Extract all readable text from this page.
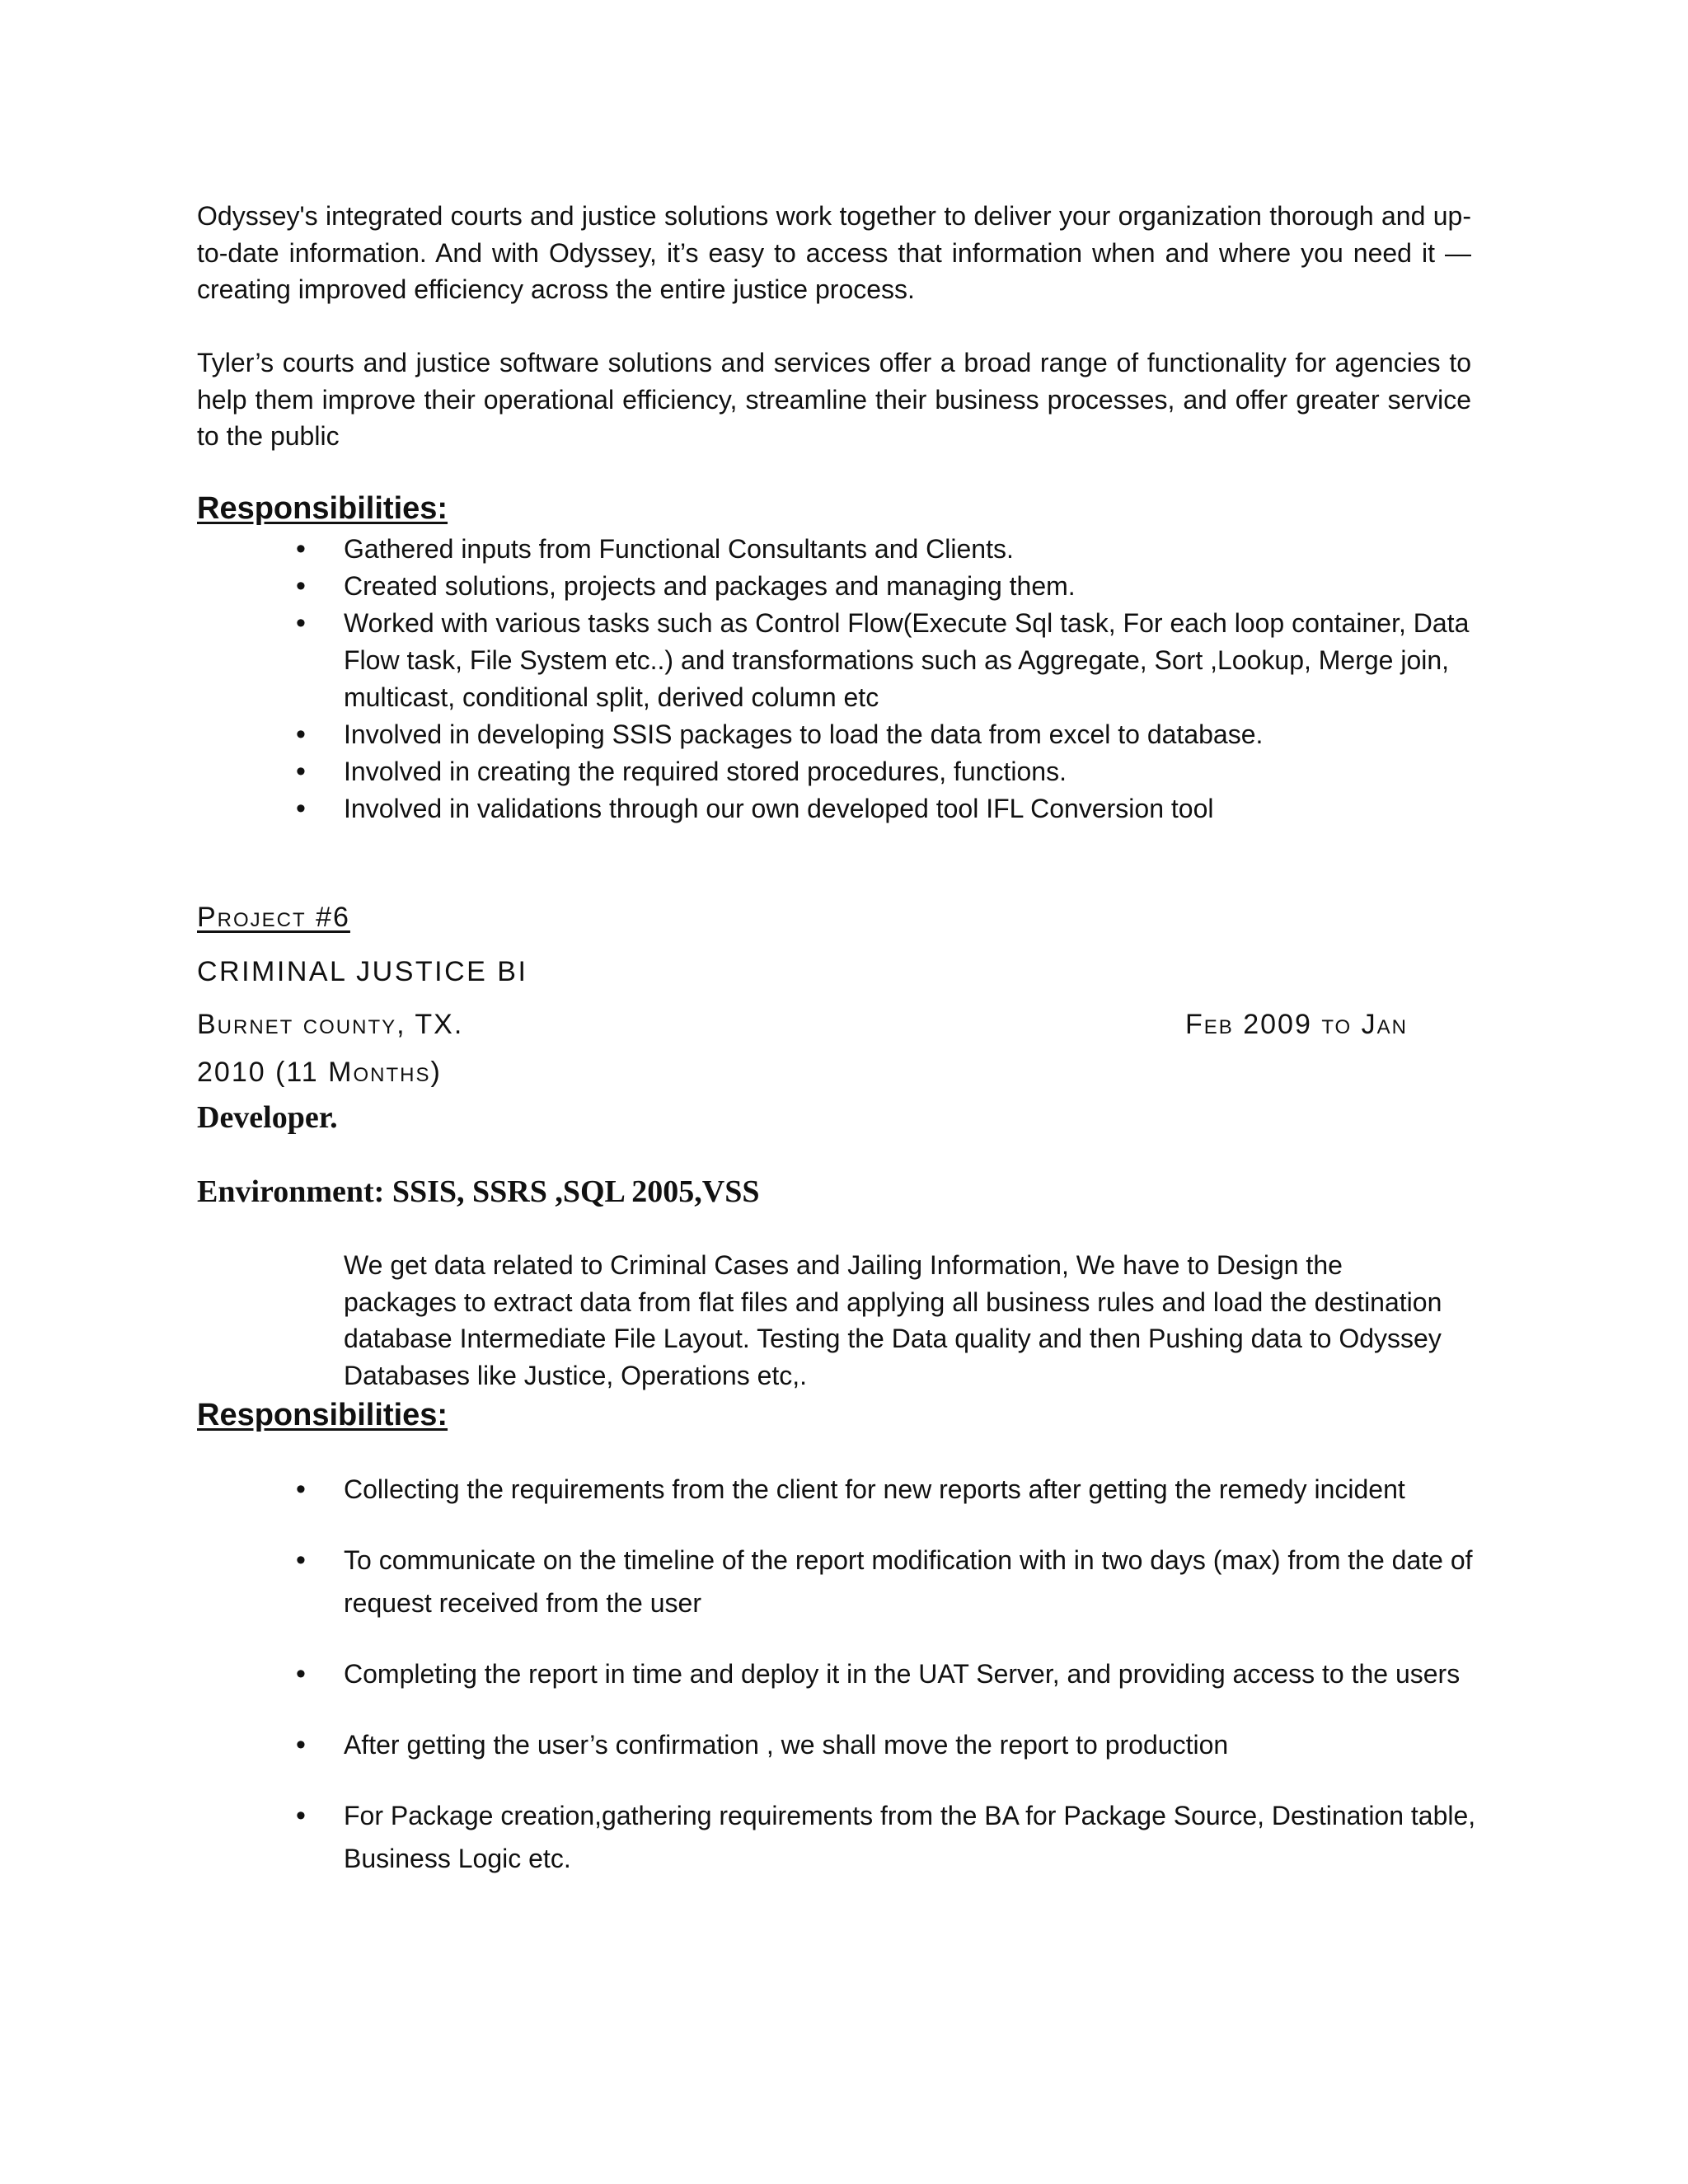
Odyssey's integrated courts and justice solutions work together to deliver your organization thorough and up-to-date information. And with Odyssey, it’s easy to access that information when and where you need it — creating improved efficiency across the entire justice process.

Tyler’s courts and justice software solutions and services offer a broad range of functionality for agencies to help them improve their operational efficiency, streamline their business processes, and offer greater service to the public

Responsibilities:
• Gathered inputs from Functional Consultants and Clients.
• Created solutions, projects and packages and managing them.
• Worked with various tasks such as Control Flow(Execute Sql task, For each loop container, Data Flow task, File System etc..) and transformations such as Aggregate, Sort ,Lookup, Merge join, multicast, conditional split, derived column etc
• Involved in developing SSIS packages to load the data from excel to database.
• Involved in creating the required stored procedures, functions.
• Involved in validations through our own developed tool IFL Conversion tool

Project #6

CRIMINAL JUSTICE BI

Burnet county, TX.	Feb 2009 to Jan

2010 (11 Months)

Developer.

Environment: SSIS, SSRS ,SQL 2005,VSS

We get data related to Criminal Cases and Jailing Information, We have to Design the packages to extract data from flat files and applying all business rules and load the destination database Intermediate File Layout. Testing the Data quality and then Pushing data to Odyssey Databases like Justice, Operations etc,.

Responsibilities:
• Collecting the requirements from the client for new reports after getting the remedy incident
• To communicate on the timeline of the report modification with in two days (max) from the date of request received from the user
• Completing the report in time and deploy it in the UAT Server, and providing access to the users
• After getting the user’s confirmation , we shall move the report to production
• For Package creation,gathering requirements from the BA for Package Source, Destination table, Business Logic etc.
